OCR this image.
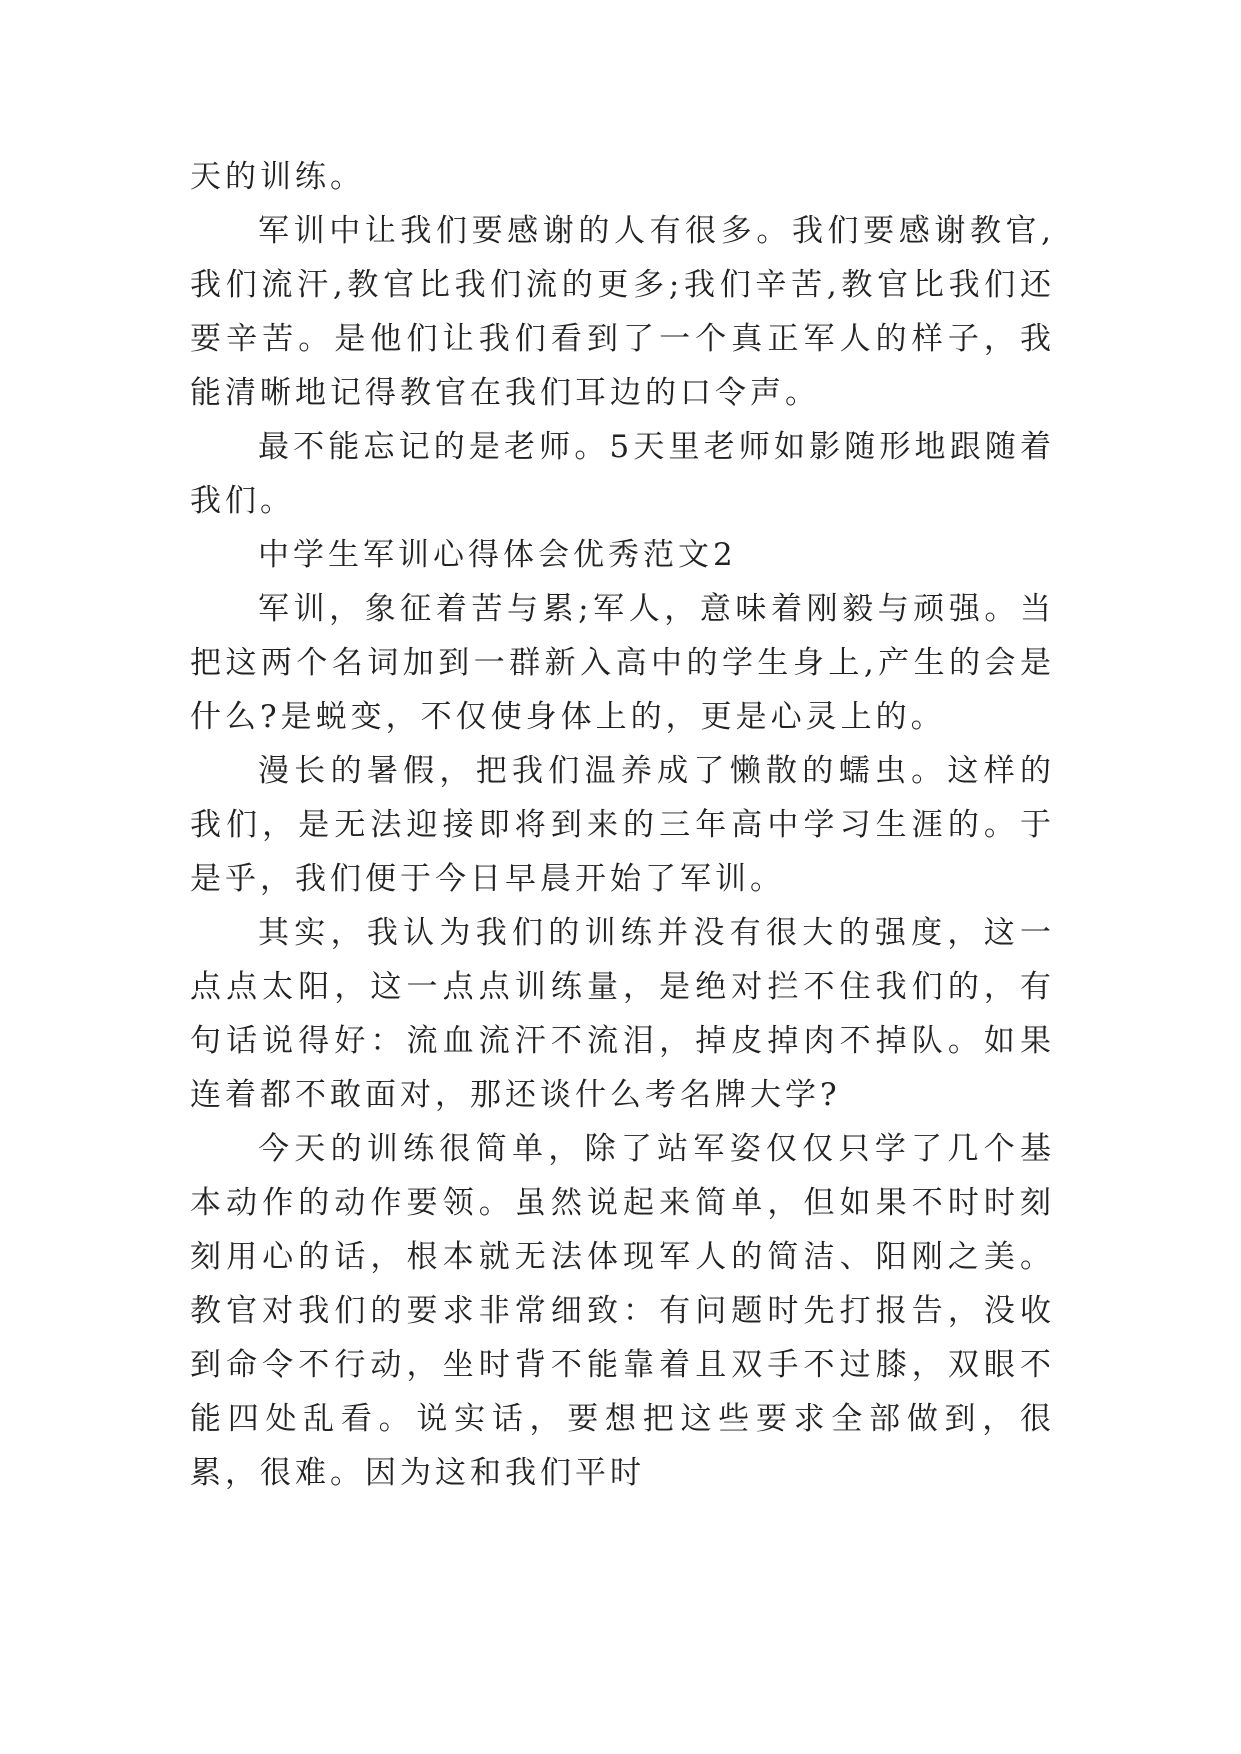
天的训练。

军训中让我们要感谢的人有很多。我们要感谢教官,我们流汗,教官比我们流的更多;我们辛苦,教官比我们还要辛苦。是他们让我们看到了一个真正军人的样子，我能清晰地记得教官在我们耳边的口令声。

最不能忘记的是老师。5天里老师如影随形地跟随着我们。

中学生军训心得体会优秀范文2

军训，象征着苦与累;军人，意味着刚毅与顽强。当把这两个名词加到一群新入高中的学生身上,产生的会是什么?是蜕变，不仅使身体上的，更是心灵上的。

漫长的暑假，把我们温养成了懒散的蠕虫。这样的我们，是无法迎接即将到来的三年高中学习生涯的。于是乎，我们便于今日早晨开始了军训。

其实，我认为我们的训练并没有很大的强度，这一点点太阳，这一点点训练量，是绝对拦不住我们的，有句话说得好：流血流汗不流泪，掉皮掉肉不掉队。如果连着都不敢面对，那还谈什么考名牌大学?

今天的训练很简单，除了站军姿仅仅只学了几个基本动作的动作要领。虽然说起来简单，但如果不时时刻刻用心的话，根本就无法体现军人的简洁、阳刚之美。教官对我们的要求非常细致：有问题时先打报告，没收到命令不行动，坐时背不能靠着且双手不过膝，双眼不能四处乱看。说实话，要想把这些要求全部做到，很累，很难。因为这和我们平时
